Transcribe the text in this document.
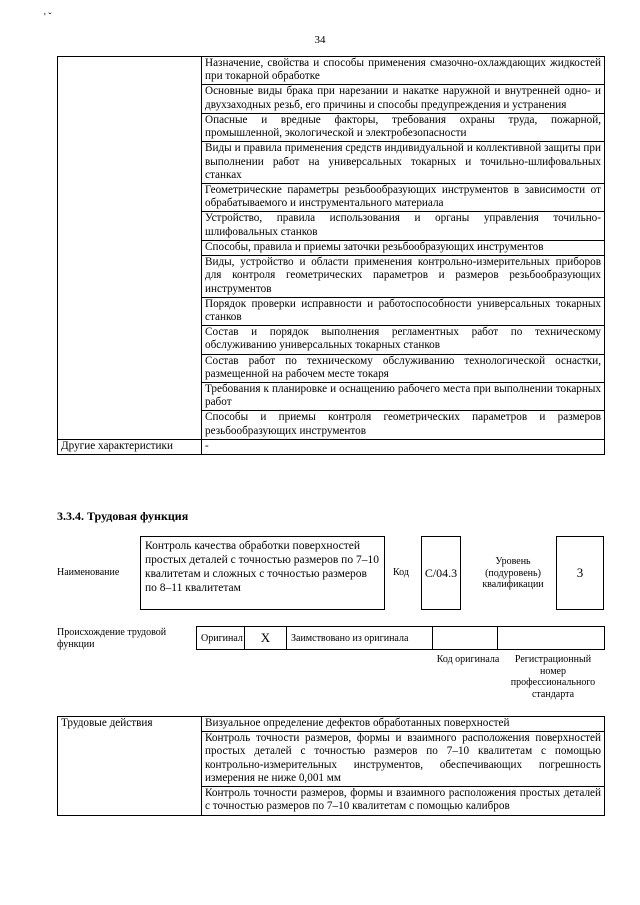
' ˇ
34
	Назначение, свойства и способы применения смазочно-охлаждающих жидкостей при токарной обработке
	Основные виды брака при нарезании и накатке наружной и внутренней одно- и двухзаходных резьб, его причины и способы предупреждения и устранения
	Опасные и вредные факторы, требования охраны труда, пожарной, промышленной, экологической и электробезопасности
	Виды и правила применения средств индивидуальной и коллективной защиты при выполнении работ на универсальных токарных и точильно-шлифовальных станках
	Геометрические параметры резьбообразующих инструментов в зависимости от обрабатываемого и инструментального материала
	Устройство, правила использования и органы управления точильно-шлифовальных станков
	Способы, правила и приемы заточки резьбообразующих инструментов
	Виды, устройство и области применения контрольно-измерительных приборов для контроля геометрических параметров и размеров резьбообразующих инструментов
	Порядок проверки исправности и работоспособности универсальных токарных станков
	Состав и порядок выполнения регламентных работ по техническому обслуживанию универсальных токарных станков
	Состав работ по техническому обслуживанию технологической оснастки, размещенной на рабочем месте токаря
	Требования к планировке и оснащению рабочего места при выполнении токарных работ
	Способы и приемы контроля геометрических параметров и размеров резьбообразующих инструментов
Другие характеристики	-
3.3.4. Трудовая функция
Наименование
Контроль качества обработки поверхностей простых деталей с точностью размеров по 7–10 квалитетам и сложных с точностью размеров по 8–11 квалитетам
Код	С/04.3
Уровень (подуровень) квалификации
3
Происхождение трудовой функции
Оригинал	Х	Заимствовано из оригинала
Код оригинала	Регистрационный номер профессионального стандарта
Трудовые действия	Визуальное определение дефектов обработанных поверхностей
Контроль точности размеров, формы и взаимного расположения поверхностей простых деталей с точностью размеров по 7–10 квалитетам с помощью контрольно-измерительных инструментов, обеспечивающих погрешность измерения не ниже 0,001 мм
Контроль точности размеров, формы и взаимного расположения простых деталей с точностью размеров по 7–10 квалитетам с помощью калибров
